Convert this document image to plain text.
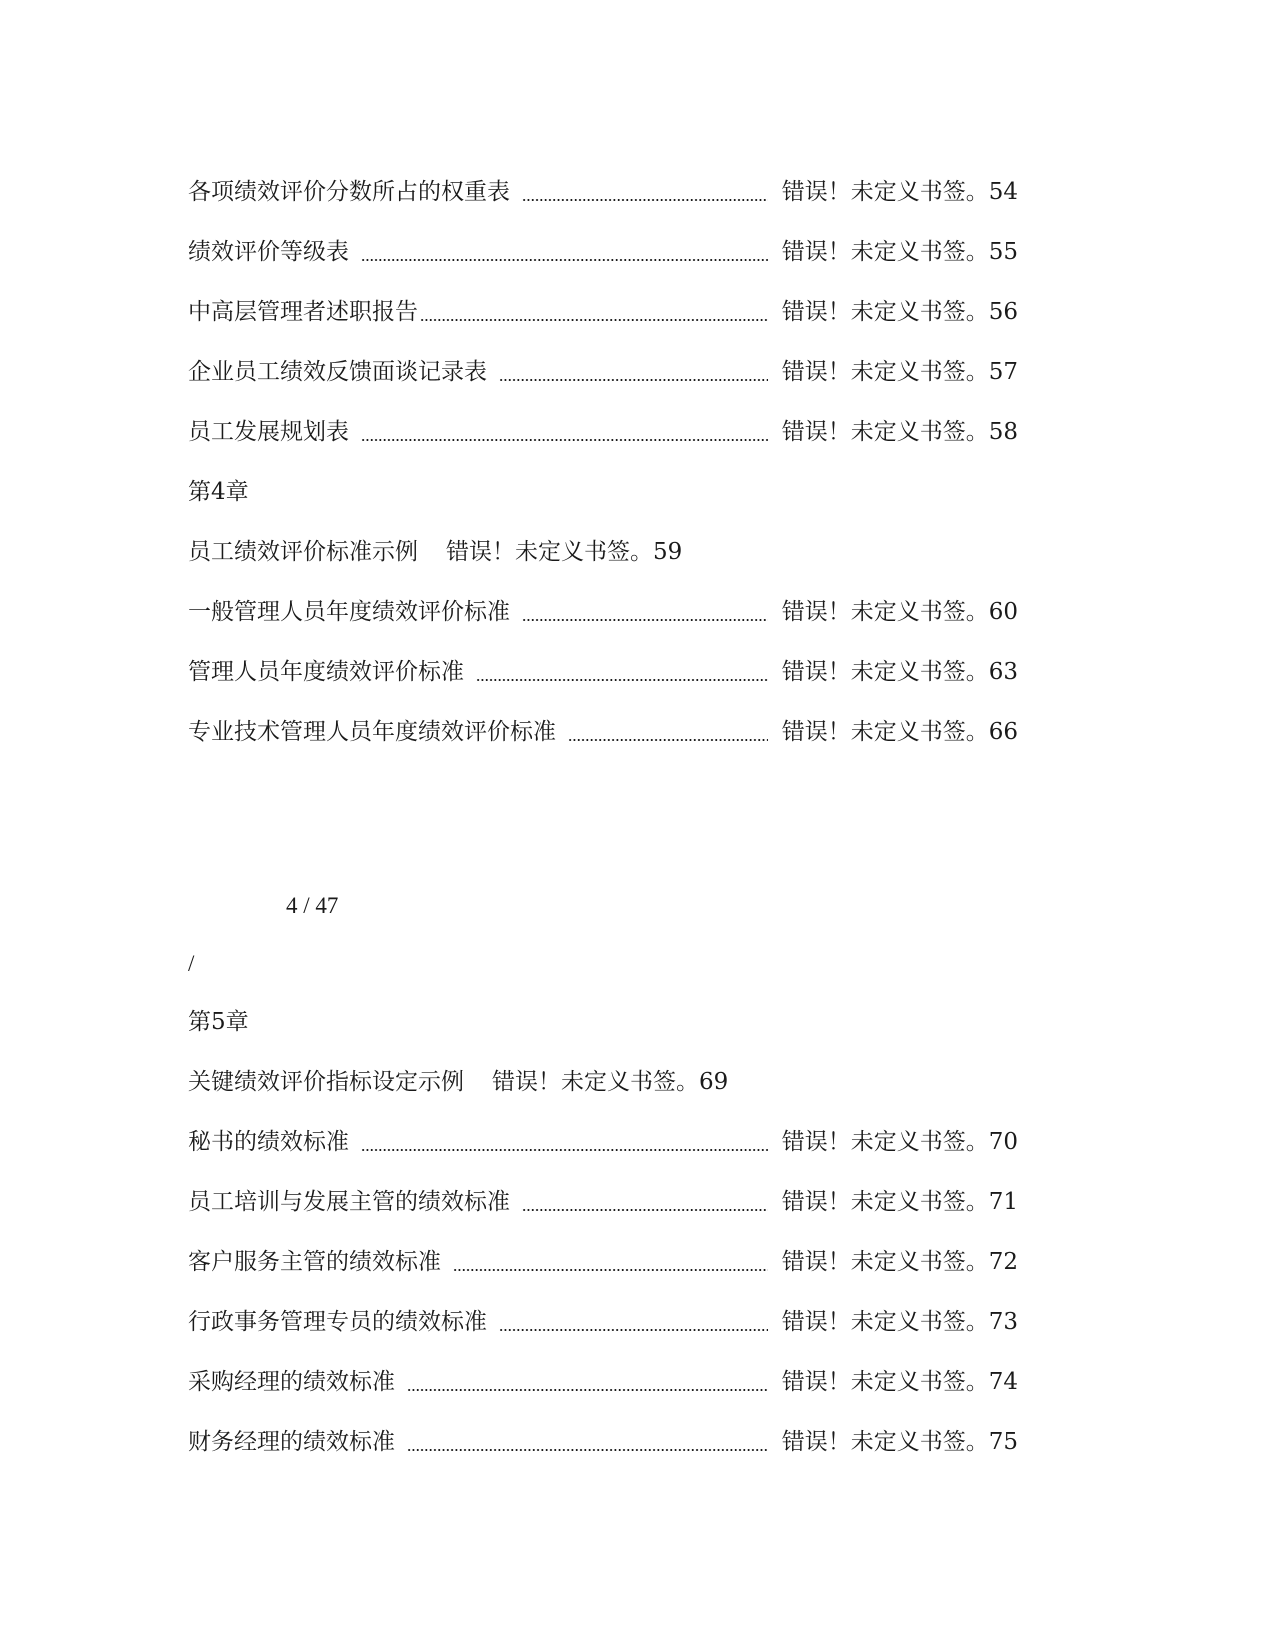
各项绩效评价分数所占的权重表	错误！未定义书签。54
绩效评价等级表	错误！未定义书签。55
中高层管理者述职报告	错误！未定义书签。56
企业员工绩效反馈面谈记录表	错误！未定义书签。57
员工发展规划表	错误！未定义书签。58
第4章
员工绩效评价标准示例	错误！未定义书签。59
一般管理人员年度绩效评价标准	错误！未定义书签。60
管理人员年度绩效评价标准	错误！未定义书签。63
专业技术管理人员年度绩效评价标准	错误！未定义书签。66
4 / 47
/
第5章
关键绩效评价指标设定示例	错误！未定义书签。69
秘书的绩效标准	错误！未定义书签。70
员工培训与发展主管的绩效标准	错误！未定义书签。71
客户服务主管的绩效标准	错误！未定义书签。72
行政事务管理专员的绩效标准	错误！未定义书签。73
采购经理的绩效标准	错误！未定义书签。74
财务经理的绩效标准	错误！未定义书签。75
